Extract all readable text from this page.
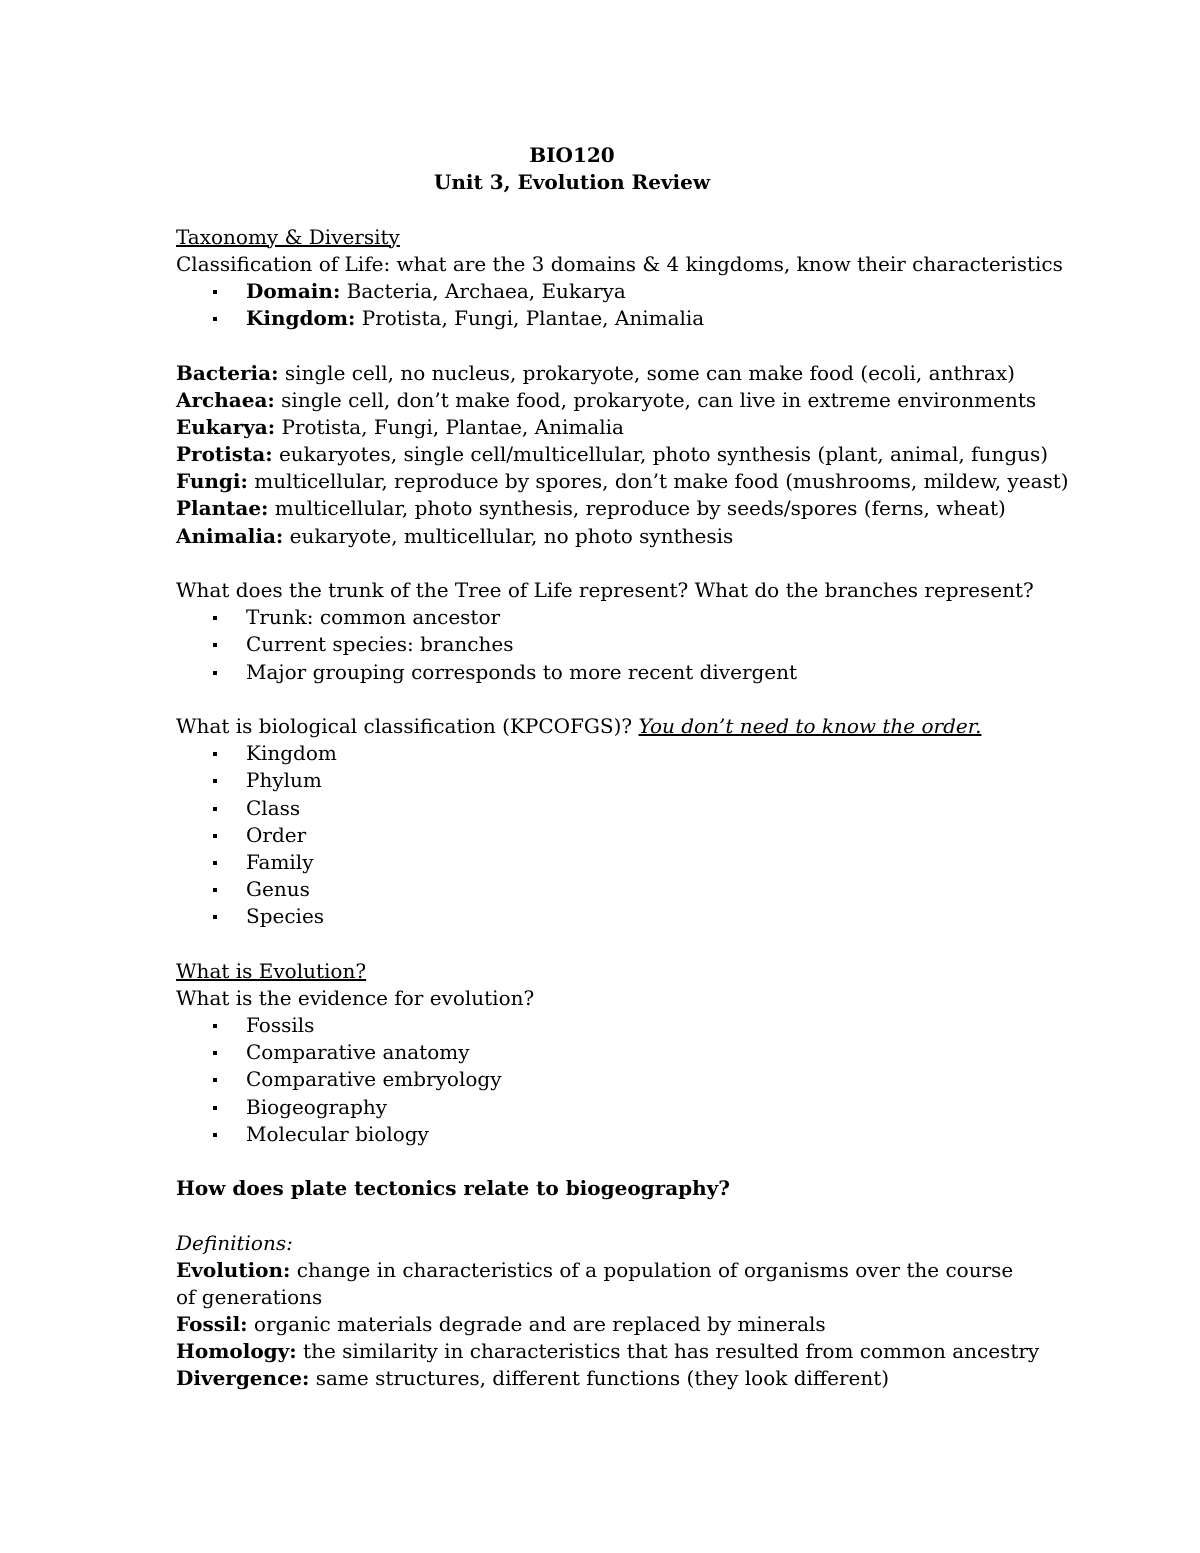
BIO120
Unit 3, Evolution Review
Taxonomy & Diversity
Classification of Life: what are the 3 domains & 4 kingdoms, know their characteristics
Domain: Bacteria, Archaea, Eukarya
Kingdom: Protista, Fungi, Plantae, Animalia
Bacteria: single cell, no nucleus, prokaryote, some can make food (ecoli, anthrax)
Archaea: single cell, don’t make food, prokaryote, can live in extreme environments
Eukarya: Protista, Fungi, Plantae, Animalia
Protista: eukaryotes, single cell/multicellular, photo synthesis (plant, animal, fungus)
Fungi: multicellular, reproduce by spores, don’t make food (mushrooms, mildew, yeast)
Plantae: multicellular, photo synthesis, reproduce by seeds/spores (ferns, wheat)
Animalia: eukaryote, multicellular, no photo synthesis
What does the trunk of the Tree of Life represent? What do the branches represent?
Trunk: common ancestor
Current species: branches
Major grouping corresponds to more recent divergent
What is biological classification (KPCOFGS)? You don’t need to know the order.
Kingdom
Phylum
Class
Order
Family
Genus
Species
What is Evolution?
What is the evidence for evolution?
Fossils
Comparative anatomy
Comparative embryology
Biogeography
Molecular biology
How does plate tectonics relate to biogeography?
Definitions:
Evolution: change in characteristics of a population of organisms over the course of generations
Fossil: organic materials degrade and are replaced by minerals
Homology: the similarity in characteristics that has resulted from common ancestry
Divergence: same structures, different functions (they look different)
